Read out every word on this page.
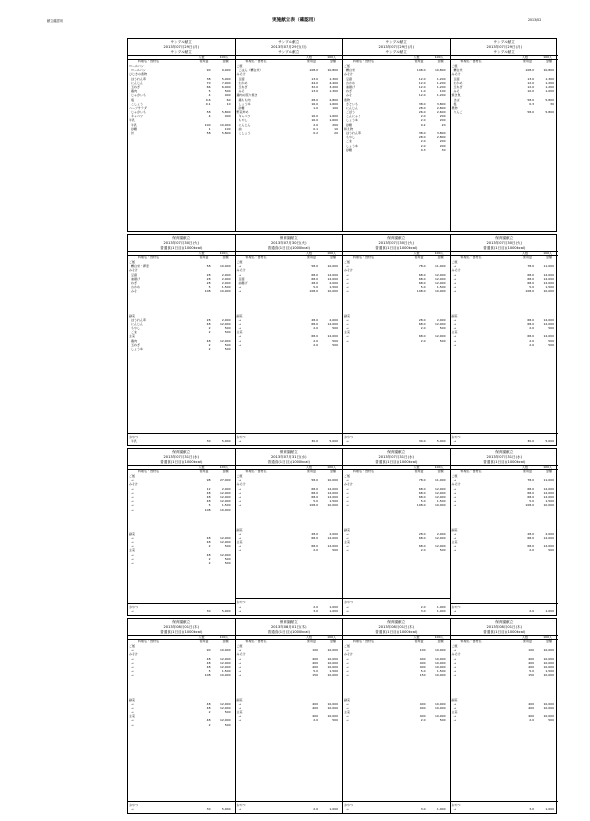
献立確認用	実施献立表（確認用）	2013/02
サンプル献立
2013年07月29日(月)
サンプル献立
人数	100人
料理名・食材名	使用量	金額
ロールパン
ロールパン	90	9,000
ひじきの煮物
ほうれん草	38	5,000
にんじん	70	7,000
玉ねぎ	66	6,000
鶏肉	5	500
じゃがいも	4	400
塩	0.6	60
こしょう	0.1	10
ハーブサラダ
じゃがいも	58	5,800
キャベツ	4	400
牛乳
牛乳	100	10,000
砂糖	1	100
計	58	5,800
サンプル献立
2013年07月29日(月)
サンプル献立
人数	100人
料理名・食材名	使用量	金額
ご飯
ごはん（精白米）	108.0	10,800
みそ汁
豆腐	13.0	1,300
わかめ	44.0	4,400
玉ねぎ	32.0	3,200
みそ	13.0	1,300
鶏肉の照り焼き
鶏もも肉	28.0	2,800
しょうゆ	16.0	1,600
砂糖	1.0	100
野菜炒め
キャベツ	16.0	1,600
もやし	16.0	1,600
にんじん	2.0	200
油	0.1	10
こしょう	0.2	20
サンプル献立
2013年07月29日(月)
サンプル献立
人数	100人
料理名・食材名	使用量	金額
ご飯
精白米	108.0	10,800
みそ汁
豆腐	12.0	1,200
わかめ	12.0	1,200
油揚げ	12.0	1,200
ねぎ	1.0	100
みそ	12.0	1,200
煮物
さといも	38.0	3,800
にんじん	28.0	2,800
ごぼう	26.0	2,600
こんにゃく	2.0	200
しょうゆ	2.0	200
砂糖	0.2	20
和え物
ほうれん草	38.0	3,800
もやし	28.0	2,800
ごま	2.0	200
しょうゆ	2.0	200
砂糖	0.3	30
サンプル献立
2013年07月29日(月)
サンプル献立
人数	100人
料理名・食材名	使用量	金額
ご飯
精白米	108.0	10,800
みそ汁
豆腐	13.0	1,300
わかめ	12.0	1,200
玉ねぎ	12.0	1,200
みそ	10.0	1,000
焼き魚
さば	58.0	5,800
塩	0.3	30
果物
りんご	58.0	5,800
保育園献立
2013年07月30日(火)
普通食(1日目)(1000kcal)
人数	100人
料理名・食材名	使用量	金額
ご飯
精白米・押麦	58	10,000
みそ汁
豆腐	28	2,000
油揚げ	28	2,000
ねぎ	28	2,000
わかめ	5	1,500
みそ	108	10,000
副菜
ほうれん草	28	2,000
にんじん	48	12,000
もやし	2	500
ごま	2	500
主菜
鶏肉	48	12,000
玉ねぎ	2	500
しょうゆ	2	500
おやつ
牛乳	30	5,000
保育園献立
2013年07月30日(火)
普通食(1日目)(1000kcal)
人数	100人
料理名・食材名	使用量	金額
ご飯
→	58.0	10,000
みそ汁
→	68.0	12,000
豆腐	68.0	12,000
油揚げ	28.0	2,000
→	5.0	1,500
→	108.0	10,000
副菜
→	28.0	2,000
→	68.0	12,000
→	2.0	500
主菜
→	68.0	12,000
→	2.0	500
→	2.0	500
おやつ
→	30.0	5,000
保育園献立
2013年07月30日(火)
普通食(1日目)(1000kcal)
人数	100人
料理名・食材名	使用量	金額
ご飯
→	78.0	11,000
みそ汁
→	68.0	12,000
→	68.0	12,000
→	68.0	12,000
→	5.0	1,500
→	108.0	10,000
副菜
→	28.0	2,000
→	68.0	12,000
→	2.0	500
主菜
→	68.0	12,000
→	2.0	500
おやつ
→	30.0	5,000
保育園献立
2013年07月30日(火)
普通食(1日目)(1000kcal)
人数	100人
料理名・食材名	使用量	金額
ご飯
→	78.0	11,000
みそ汁
→	68.0	12,000
→	68.0	12,000
→	68.0	12,000
→	5.0	1,500
→	108.0	10,000
副菜
→	68.0	12,000
→	68.0	12,000
→	2.0	500
主菜
→	68.0	12,000
→	2.0	500
→	2.0	500
おやつ
→	30.0	5,000
保育園献立
2013年07月31日(水)
普通食(1日目)(1000kcal)
人数	100人
料理名・食材名	使用量	金額
ご飯
→	98	27,000
みそ汁
→	12	2,000
→	48	12,000
→	48	12,000
→	48	12,000
→	5	1,500
→	108	10,000
副菜
→	48	12,000
→	48	12,000
→	2	500
主菜
→	48	12,000
→	2	500
→	2	500
おやつ
→	30	5,000
保育園献立
2013年07月31日(水)
普通食(1日目)(1000kcal)
人数	100人
料理名・食材名	使用量	金額
ご飯
→	58.0	10,000
みそ汁
→	68.0	12,000
→	68.0	12,000
→	68.0	12,000
→	5.0	1,500
→	108.0	10,000
副菜
→	28.0	2,000
→	68.0	12,000
主菜
→	68.0	12,000
→	2.0	500
おやつ
→	2.0	1,000
→	3.0	1,000
保育園献立
2013年07月31日(水)
普通食(1日目)(1000kcal)
人数	100人
料理名・食材名	使用量	金額
ご飯
→	78.0	11,000
みそ汁
→	68.0	12,000
→	68.0	12,000
→	68.0	12,000
→	5.0	1,500
→	108.0	10,000
副菜
→	28.0	2,000
→	68.0	12,000
主菜
→	68.0	12,000
→	2.0	500
おやつ
→	2.0	1,000
→	3.0	1,000
保育園献立
2013年07月31日(水)
普通食(1日目)(1000kcal)
人数	100人
料理名・食材名	使用量	金額
ご飯
→	78.0	11,000
みそ汁
→	68.0	12,000
→	68.0	12,000
→	68.0	12,000
→	5.0	1,500
→	108.0	10,000
副菜
→	28.0	2,000
→	68.0	12,000
主菜
→	68.0	12,000
→	2.0	500
おやつ
→	2.0	1,000
保育園献立
2013年08月01日(木)
普通食(1日目)(1000kcal)
人数	100人
料理名・食材名	使用量	金額
ご飯
→	90	10,000
みそ汁
→	48	12,000
→	48	12,000
→	48	12,000
→	5	1,500
→	108	10,000
副菜
→	48	12,000
→	48	12,000
→	2	500
主菜
→	48	12,000
→	2	500
おやつ
→	30	5,000
保育園献立
2013年08月01日(木)
普通食(1日目)(1000kcal)
人数	100人
料理名・食材名	使用量	金額
ご飯
→	100	10,000
みそ汁
→	400	10,000
→	400	10,000
→	400	10,000
→	5.0	1,500
→	150	10,000
副菜
→	400	10,000
→	400	10,000
主菜
→	400	10,000
→	2.0	500
おやつ
→	2.0	1,000
保育園献立
2013年08月01日(木)
普通食(1日目)(1000kcal)
人数	100人
料理名・食材名	使用量	金額
ご飯
→	100	10,000
みそ汁
→	400	10,000
→	400	10,000
→	400	10,000
→	5.0	1,500
→	150	10,000
副菜
→	400	10,000
→	400	10,000
主菜
→	400	10,000
→	2.0	500
おやつ
→	3.0	1,000
保育園献立
2013年08月01日(木)
普通食(1日目)(1000kcal)
人数	100人
料理名・食材名	使用量	金額
ご飯
→	100	10,000
みそ汁
→	400	10,000
→	400	10,000
→	400	10,000
→	5.0	1,500
→	150	10,000
副菜
→	400	10,000
→	400	10,000
主菜
→	400	10,000
→	2.0	500
おやつ
→	3.0	1,000
